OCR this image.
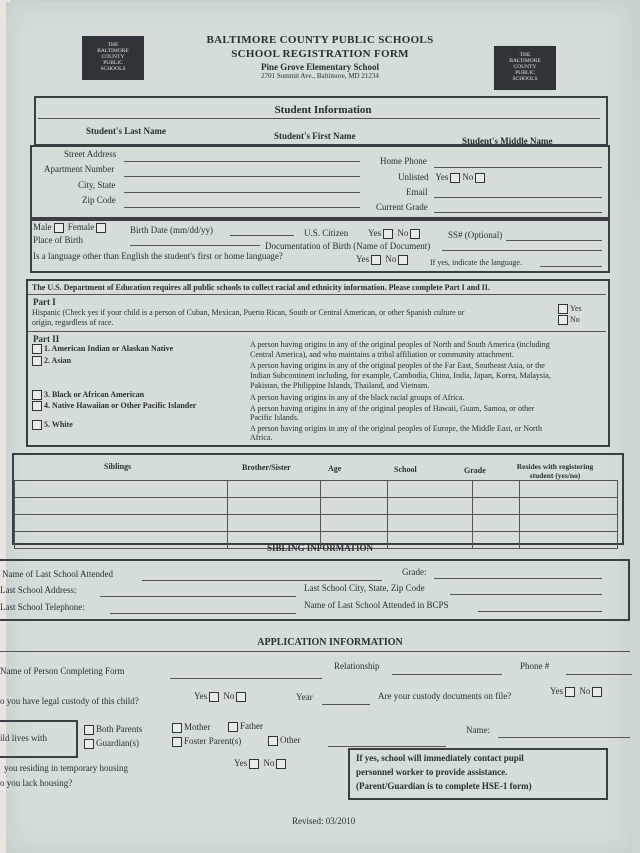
THE
BALTIMORE
COUNTY
PUBLIC
SCHOOLS
THE
BALTIMORE
COUNTY
PUBLIC
SCHOOLS
BALTIMORE COUNTY PUBLIC SCHOOLS
SCHOOL REGISTRATION FORM
Pine Grove Elementary School
2701 Summit Ave., Baltimore, MD 21234
Student Information
Student's Last Name	Student's First Name	Student's Middle Name
Street Address
Apartment Number
City, State
Zip Code
Home Phone
Unlisted Yes No
Email
Current Grade
Male Female	Birth Date (mm/dd/yy)	U.S. Citizen Yes No	SS# (Optional)
Place of Birth
Documentation of Birth (Name of Document)
Is a language other than English the student's first or home language?	Yes No	If yes, indicate the language.
The U.S. Department of Education requires all public schools to collect racial and ethnicity information. Please complete Part I and II.
Part I
Hispanic (Check yes if your child is a person of Cuban, Mexican, Puerto Rican, South or Central American, or other Spanish culture or
origin, regardless of race.
Yes
No
Part II
1. American Indian or Alaskan Native	A person having origins in any of the original peoples of North and South America (including
Central America), and who maintains a tribal affiliation or community attachment.
2. Asian
A person having origins in any of the original peoples of the Far East, Southeast Asia, or the
Indian Subcontinent including, for example, Cambodia, China, India, Japan, Korea, Malaysia,
Pakistan, the Philippine Islands, Thailand, and Vietnam.
3. Black or African American	A person having origins in any of the black racial groups of Africa.
4. Native Hawaiian or Other Pacific Islander	A person having origins in any of the original peoples of Hawaii, Guam, Samoa, or other
Pacific Islands.
5. White	A person having origins in any of the original peoples of Europe, the Middle East, or North
Africa.
Siblings	Brother/Sister	Age	School	Grade	Resides with registering student (yes/no)

SIBLING INFORMATION
Name of Last School Attended	Grade:
Last School Address:	Last School City, State, Zip Code
Last School Telephone:	Name of Last School Attended in BCPS
APPLICATION INFORMATION
Name of Person Completing Form	Relationship	Phone #
o you have legal custody of this child?	Yes No	Year	Are your custody documents on file?	Yes No
ild lives with
Both Parents	Mother	Father
Guardian(s)	Foster Parent(s)	Other
Name:
you residing in temporary housing
o you lack housing?
Yes No	If yes, school will immediately contact pupil
personnel worker to provide assistance.
(Parent/Guardian is to complete HSE-1 form)
Revised: 03/2010
